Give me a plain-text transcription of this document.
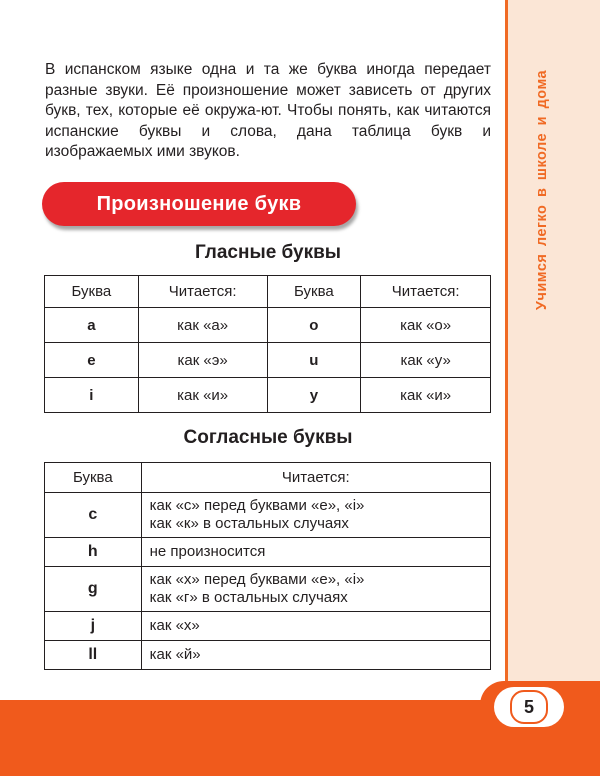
Учимся легко в школе и дома

В испанском языке одна и та же буква иногда передает разные звуки. Её произношение может зависеть от других букв, тех, которые её окружа-ют. Чтобы понять, как читаются испанские буквы и слова, дана таблица букв и изображаемых ими звуков.

Произношение букв
Гласные буквы
Буква	Читается:	Буква	Читается:
a	как «а»	o	как «о»
e	как «э»	u	как «у»
i	как «и»	y	как «и»
Согласные буквы
Буква	Читается:
c	как «с» перед буквами «е», «i»
как «к» в остальных случаях

h	не произносится

g	как «х» перед буквами «е», «i»
как «г» в остальных случаях

j	как «х»

ll	как «й»
5
